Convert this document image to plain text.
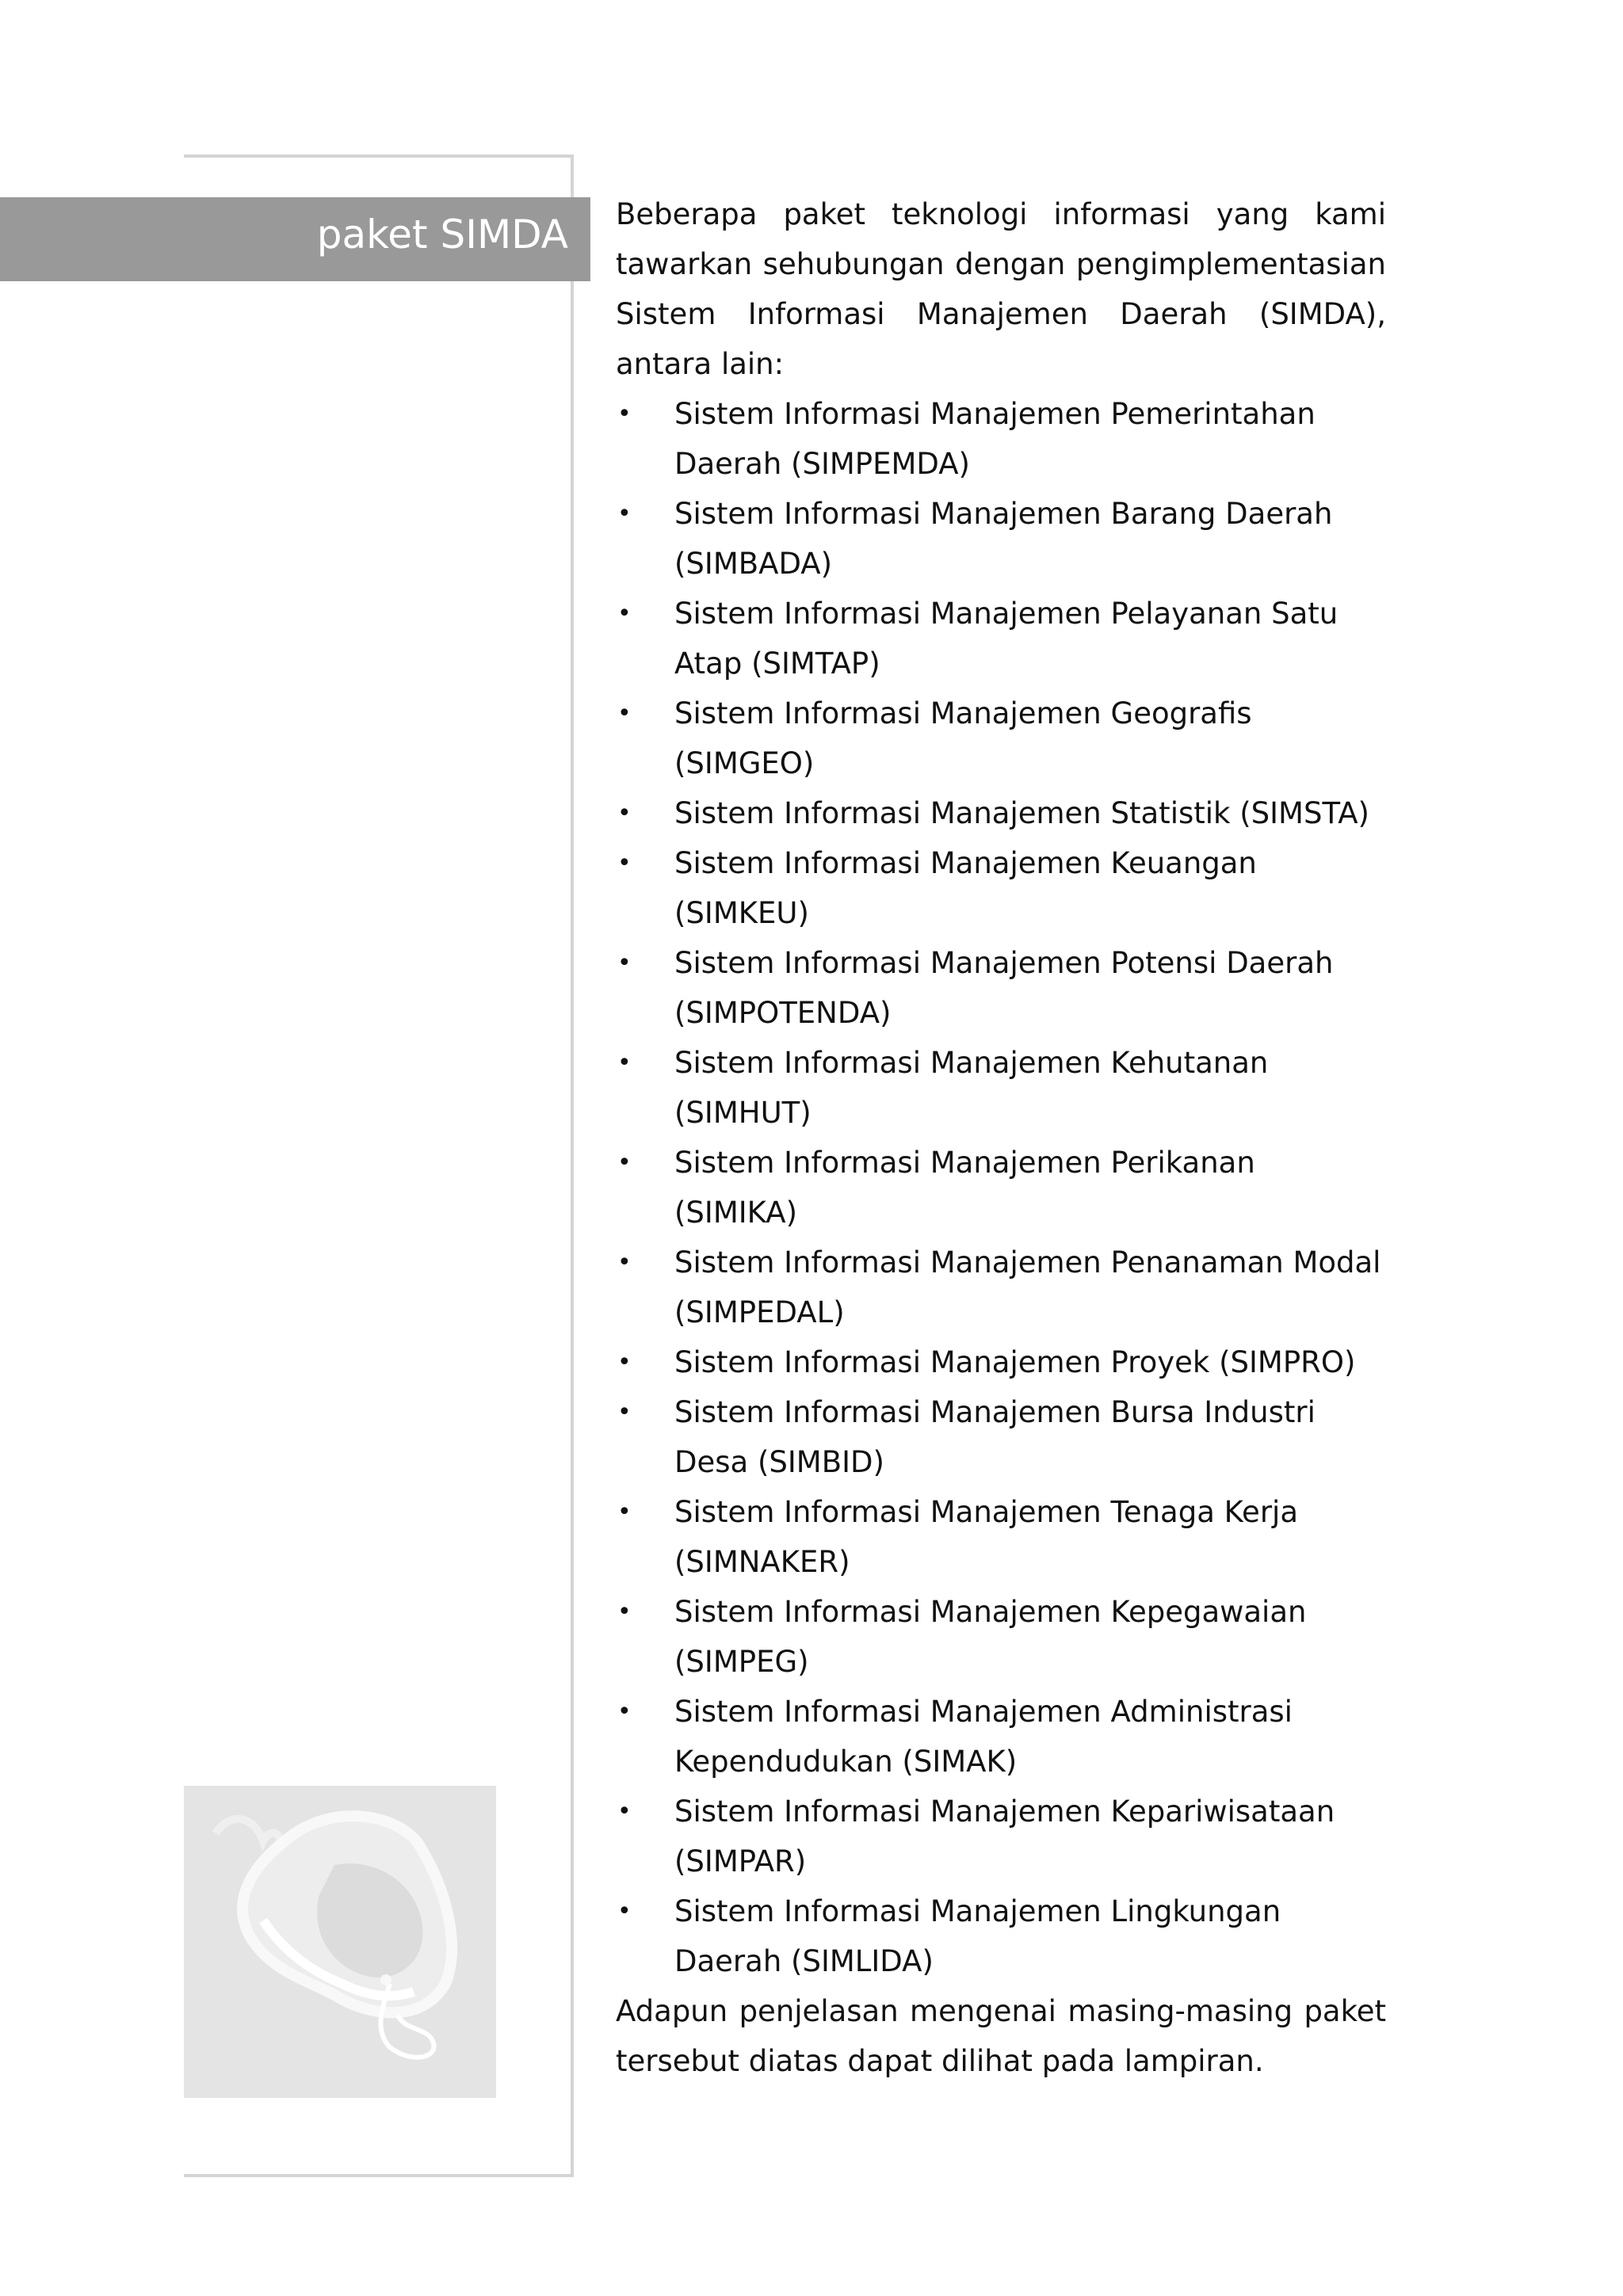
paket SIMDA Beberapa paket teknologi informasi yang kami tawarkan sehubungan dengan pengimplementasian Sistem Informasi Manajemen Daerah (SIMDA), antara lain:

• Sistem Informasi Manajemen Pemerintahan Daerah (SIMPEMDA)
• Sistem Informasi Manajemen Barang Daerah (SIMBADA)
• Sistem Informasi Manajemen Pelayanan Satu Atap (SIMTAP)
• Sistem Informasi Manajemen Geografis (SIMGEO)
• Sistem Informasi Manajemen Statistik (SIMSTA)
• Sistem Informasi Manajemen Keuangan (SIMKEU)
• Sistem Informasi Manajemen Potensi Daerah (SIMPOTENDA)
• Sistem Informasi Manajemen Kehutanan (SIMHUT)
• Sistem Informasi Manajemen Perikanan (SIMIKA)
• Sistem Informasi Manajemen Penanaman Modal (SIMPEDAL)
• Sistem Informasi Manajemen Proyek (SIMPRO)
• Sistem Informasi Manajemen Bursa Industri Desa (SIMBID)
• Sistem Informasi Manajemen Tenaga Kerja (SIMNAKER)
• Sistem Informasi Manajemen Kepegawaian (SIMPEG)
• Sistem Informasi Manajemen Administrasi Kependudukan (SIMAK)
• Sistem Informasi Manajemen Kepariwisataan (SIMPAR)
• Sistem Informasi Manajemen Lingkungan Daerah (SIMLIDA)

Adapun penjelasan mengenai masing-masing paket tersebut diatas dapat dilihat pada lampiran.
